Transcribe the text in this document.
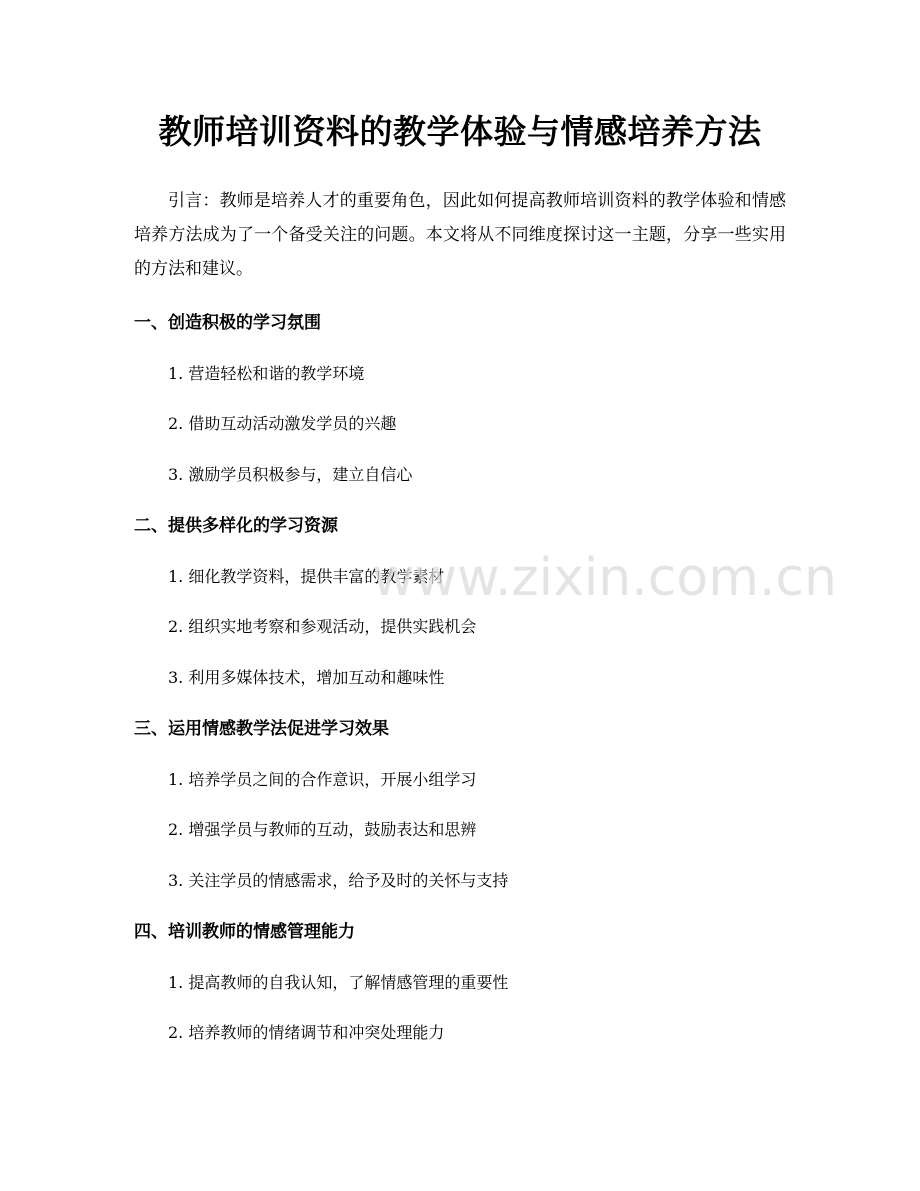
教师培训资料的教学体验与情感培养方法

引言：教师是培养人才的重要角色，因此如何提高教师培训资料的教学体验和情感培养方法成为了一个备受关注的问题。本文将从不同维度探讨这一主题，分享一些实用的方法和建议。

一、创造积极的学习氛围
1. 营造轻松和谐的教学环境
2. 借助互动活动激发学员的兴趣
3. 激励学员积极参与，建立自信心
二、提供多样化的学习资源
1. 细化教学资料，提供丰富的教学素材
2. 组织实地考察和参观活动，提供实践机会
3. 利用多媒体技术，增加互动和趣味性
三、运用情感教学法促进学习效果
1. 培养学员之间的合作意识，开展小组学习
2. 增强学员与教师的互动，鼓励表达和思辨
3. 关注学员的情感需求，给予及时的关怀与支持
四、培训教师的情感管理能力
1. 提高教师的自我认知，了解情感管理的重要性
2. 培养教师的情绪调节和冲突处理能力
www.zixin.com.cn
